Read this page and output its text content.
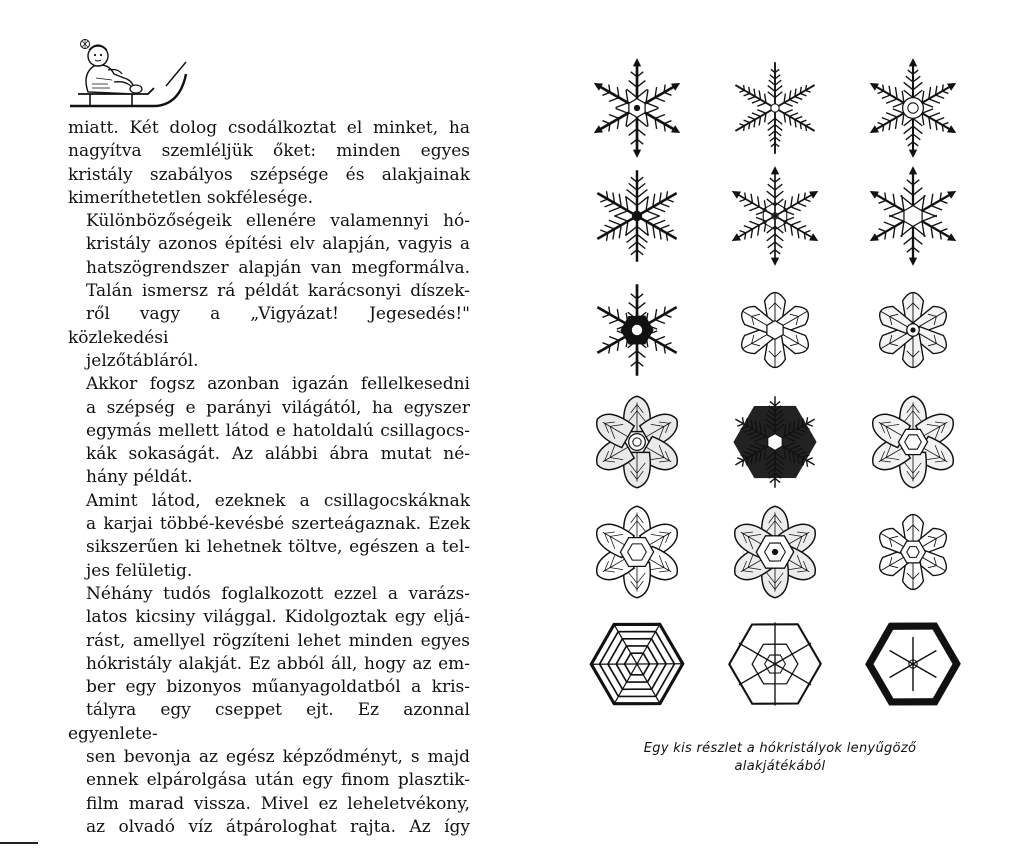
miatt. Két dolog csodálkoztat el minket, ha
nagyítva szemléljük őket: minden egyes
kristály szabályos szépsége és alakjainak
kimeríthetetlen sokfélesége.

Különbözőségeik ellenére valamennyi hó-
kristály azonos építési elv alapján, vagyis a
hatszögrendszer alapján van megformálva.
Talán ismersz rá példát karácsonyi díszek-
ről vagy a „Vigyázat! Jegesedés!" közlekedési
jelzőtábláról.

Akkor fogsz azonban igazán fellelkesedni
a szépség e parányi világától, ha egyszer
egymás mellett látod e hatoldalú csillagocs-
kák sokaságát. Az alábbi ábra mutat né-
hány példát.

Amint látod, ezeknek a csillagocskáknak
a karjai többé-kevésbé szerteágaznak. Ezek
sikszerűen ki lehetnek töltve, egészen a tel-
jes felületig.

Néhány tudós foglalkozott ezzel a varázs-
latos kicsiny világgal. Kidolgoztak egy eljá-
rást, amellyel rögzíteni lehet minden egyes
hókristály alakját. Ez abból áll, hogy az em-
ber egy bizonyos műanyagoldatból a kris-
tályra egy cseppet ejt. Ez azonnal egyenlete-
sen bevonja az egész képződményt, s majd
ennek elpárolgása után egy finom plasztik-
film marad vissza. Mivel ez leheletvékony,
az olvadó víz átpárologhat rajta. Az így

Egy kis részlet a hókristályok lenyűgöző
alakjátékából
